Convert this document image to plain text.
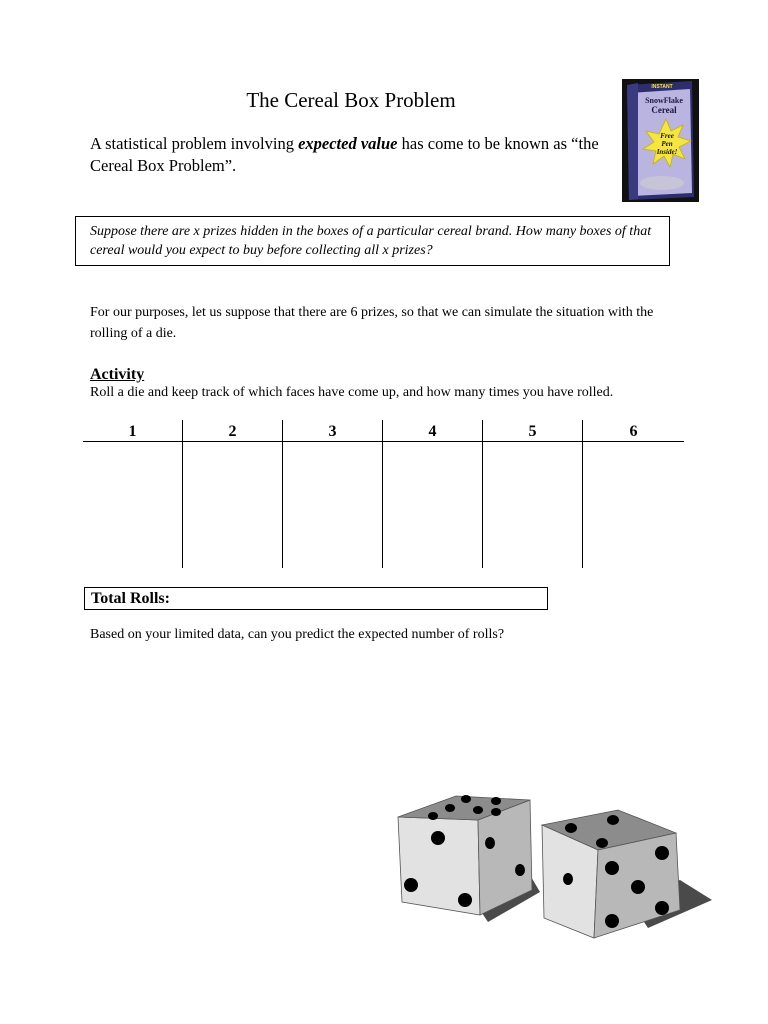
The Cereal Box Problem
A statistical problem involving expected value has come to be known as “the Cereal Box Problem”.
INSTANT
SnowFlake
Cereal
Free
Pen
Inside!
Suppose there are x prizes hidden in the boxes of a particular cereal brand. How many boxes of that cereal would you expect to buy before collecting all x prizes?
For our purposes, let us suppose that there are 6 prizes, so that we can simulate the situation with the rolling of a die.
Activity
Roll a die and keep track of which faces have come up, and how many times you have rolled.
1	2	3	4	5	6
Total Rolls:
Based on your limited data, can you predict the expected number of rolls?
